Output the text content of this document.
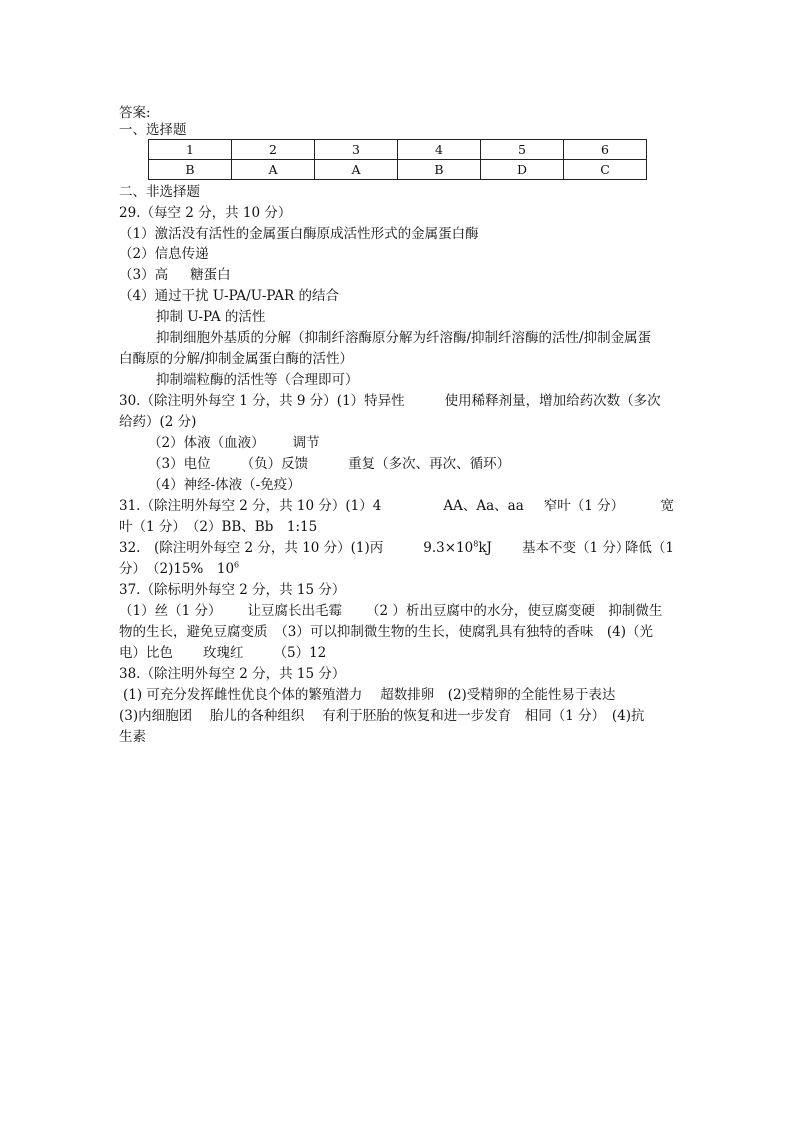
答案:
一、选择题
1	2	3	4	5	6
B	A	A	B	D	C
二、非选择题
29.（每空 2 分，共 10 分）
（1）激活没有活性的金属蛋白酶原成活性形式的金属蛋白酶
（2）信息传递
（3）高 糖蛋白
（4）通过干扰 U-PA/U-PAR 的结合
抑制 U-PA 的活性
抑制细胞外基质的分解（抑制纤溶酶原分解为纤溶酶/抑制纤溶酶的活性/抑制金属蛋
白酶原的分解/抑制金属蛋白酶的活性）
抑制端粒酶的活性等（合理即可）
30.（除注明外每空 1 分，共 9 分）(1）特异性	使用稀释剂量，增加给药次数（多次
给药）(2 分)
（2）体液（血液） 调节
（3）电位 （负）反馈	重复（多次、再次、循环）
（4）神经-体液（-免疫）
31.（除注明外每空 2 分，共 10 分）(1）4	AA、Aa、aa 窄叶（1 分）	宽
叶（1 分）　（2）BB、Bb　1:15
32.　(除注明外每空 2 分，共 10 分）(1)丙	$9.3\times 10^8kJ$ 基本不变（1 分）
降低（1
分）　（2)15%　$10^6$
37.（除标明外每空 2 分，共 15 分）
（1）丝（1 分） 让豆腐长出毛霉 （2 ）析出豆腐中的水分，使豆腐变硬　抑制微生
物的生长，避免豆腐变质　（3）可以抑制微生物的生长，使腐乳具有独特的香味　(4)（光
电）比色 玫瑰红 （5）12
38.（除注明外每空 2 分，共 15 分）
(1) 可充分发挥雌性优良个体的繁殖潜力　 超数排卵　(2)受精卵的全能性易于表达
(3)内细胞团　 胎儿的各种组织　 有利于胚胎的恢复和进一步发育　相同（1 分）　(4)抗
生素
